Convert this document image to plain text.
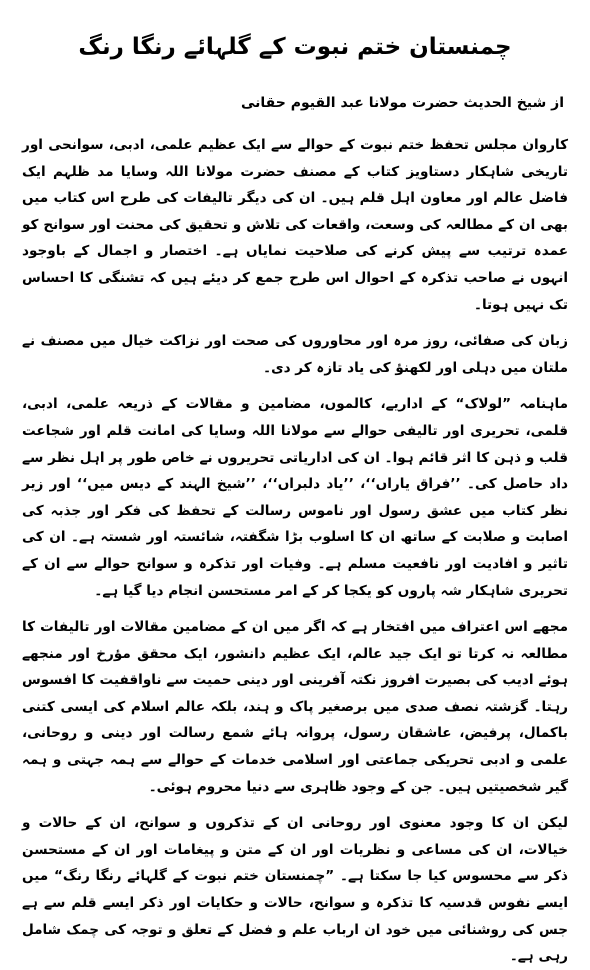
چمنستان ختم نبوت کے گلہائے رنگا رنگ
از شیخ الحدیث حضرت مولانا عبد القیوم حقانی

کاروان مجلس تحفظ ختم نبوت کے حوالے سے ایک عظیم علمی، ادبی، سوانحی اور تاریخی شاہکار دستاویز کتاب کے مصنف حضرت مولانا اللہ وسایا مد ظلہم ایک فاضل عالم اور معاون اہل قلم ہیں۔ ان کی دیگر تالیفات کی طرح اس کتاب میں بھی ان کے مطالعہ کی وسعت، واقعات کی تلاش و تحقیق کی محنت اور سوانح کو عمدہ ترتیب سے پیش کرنے کی صلاحیت نمایاں ہے۔ اختصار و اجمال کے باوجود انہوں نے صاحب تذکرہ کے احوال اس طرح جمع کر دیئے ہیں کہ تشنگی کا احساس تک نہیں ہوتا۔

زبان کی صفائی، روز مرہ اور محاوروں کی صحت اور نزاکت خیال میں مصنف نے ملتان میں دہلی اور لکھنؤ کی یاد تازہ کر دی۔

ماہنامہ ”لولاک“ کے اداریے، کالموں، مضامین و مقالات کے ذریعہ علمی، ادبی، قلمی، تحریری اور تالیفی حوالے سے مولانا اللہ وسایا کی امانت قلم اور شجاعت قلب و ذہن کا اثر قائم ہوا۔ ان کی اداریاتی تحریروں نے خاص طور پر اہل نظر سے داد حاصل کی۔ ’’فراق یاراں‘‘، ’’یاد دلبراں‘‘، ’’شیخ الہند کے دیس میں‘‘ اور زیر نظر کتاب میں عشق رسول اور ناموس رسالت کے تحفظ کی فکر اور جذبہ کی اصابت و صلابت کے ساتھ ان کا اسلوب بڑا شگفتہ، شائستہ اور شستہ ہے۔ ان کی تاثیر و افادیت اور نافعیت مسلم ہے۔ وفیات اور تذکرہ و سوانح حوالے سے ان کے تحریری شاہکار شہ پاروں کو یکجا کر کے امر مستحسن انجام دیا گیا ہے۔

مجھے اس اعتراف میں افتخار ہے کہ اگر میں ان کے مضامین مقالات اور تالیفات کا مطالعہ نہ کرتا تو ایک جید عالم، ایک عظیم دانشور، ایک محقق مؤرخ اور منجھے ہوئے ادیب کی بصیرت افروز نکتہ آفرینی اور دینی حمیت سے ناواقفیت کا افسوس رہتا۔ گزشتہ نصف صدی میں برصغیر پاک و ہند، بلکہ عالم اسلام کی ایسی کتنی باکمال، پرفیض، عاشقان رسول، پروانہ ہائے شمع رسالت اور دینی و روحانی، علمی و ادبی تحریکی جماعتی اور اسلامی خدمات کے حوالے سے ہمہ جہتی و ہمہ گیر شخصیتیں ہیں۔ جن کے وجود ظاہری سے دنیا محروم ہوئی۔

لیکن ان کا وجود معنوی اور روحانی ان کے تذکروں و سوانح، ان کے حالات و خیالات، ان کی مساعی و نظریات اور ان کے متن و پیغامات اور ان کے مستحسن ذکر سے محسوس کیا جا سکتا ہے۔ ”چمنستان ختم نبوت کے گلہائے رنگا رنگ“ میں ایسے نفوس قدسیہ کا تذکرہ و سوانح، حالات و حکایات اور ذکر ایسے قلم سے ہے جس کی روشنائی میں خود ان ارباب علم و فضل کے تعلق و توجہ کی چمک شامل رہی ہے۔
